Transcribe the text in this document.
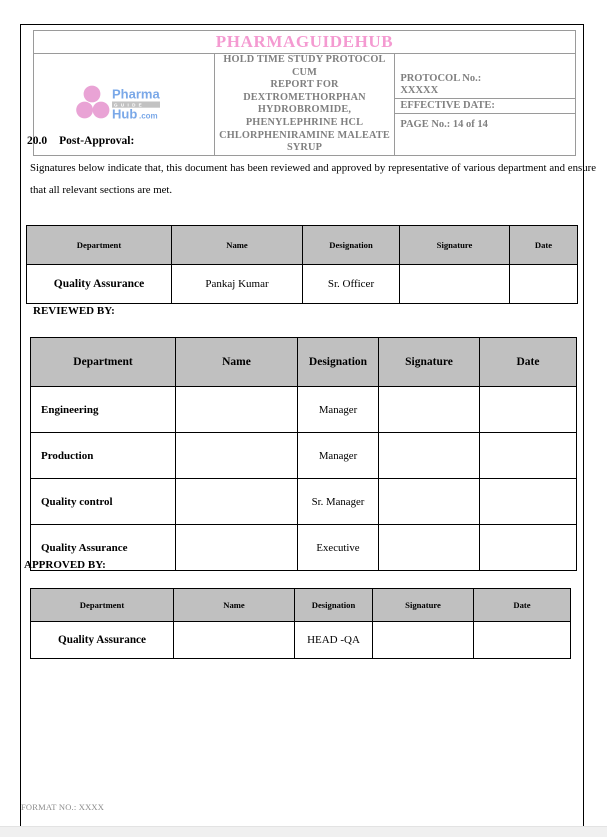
PHARMAGUIDEHUB

Pharma
GUIDE
Hub .com

HOLD TIME STUDY PROTOCOL CUM
REPORT FOR DEXTROMETHORPHAN
HYDROBROMIDE, PHENYLEPHRINE HCL
CHLORPHENIRAMINE MALEATE SYRUP

PROTOCOL No.:
XXXXX

EFFECTIVE DATE:
PAGE No.: 14 of 14
20.0 Post-Approval:
Signatures below indicate that, this document has been reviewed and approved by representative of various department and ensure that all relevant sections are met.
Department	Name	Designation	Signature	Date
Quality Assurance	Pankaj Kumar	Sr. Officer		
REVIEWED BY:
Department	Name	Designation	Signature	Date
Engineering		Manager		
Production		Manager		
Quality control		Sr. Manager		
Quality Assurance		Executive		
APPROVED BY:
Department	Name	Designation	Signature	Date
Quality Assurance		HEAD -QA		
FORMAT NO.: XXXX
